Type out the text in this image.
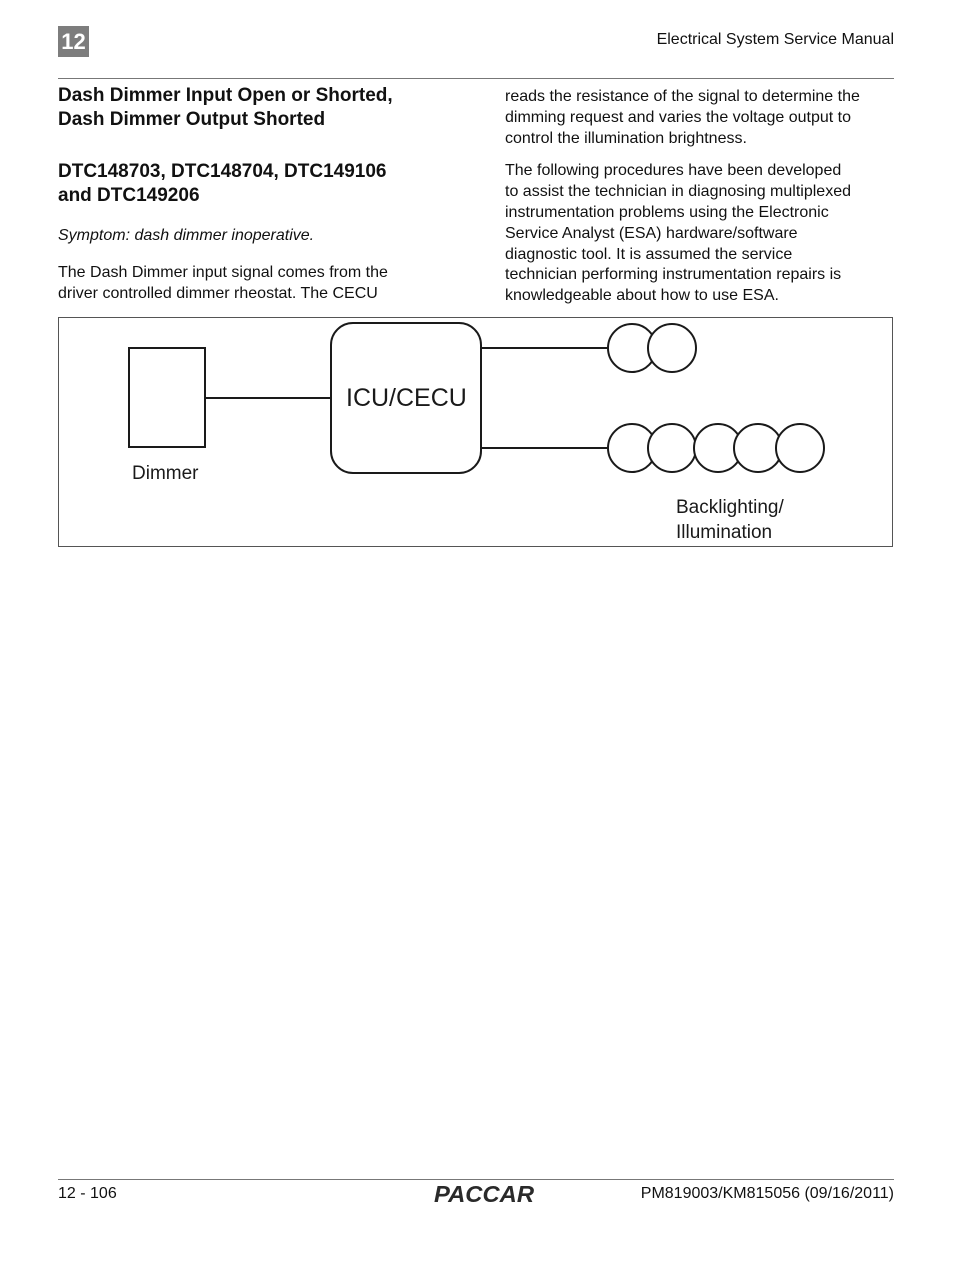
12	Electrical System Service Manual
Dash Dimmer Input Open or Shorted,
Dash Dimmer Output Shorted
DTC148703, DTC148704, DTC149106
and DTC149206

Symptom: dash dimmer inoperative.

The Dash Dimmer input signal comes from the
driver controlled dimmer rheostat. The CECU

reads the resistance of the signal to determine the
dimming request and varies the voltage output to
control the illumination brightness.

The following procedures have been developed
to assist the technician in diagnosing multiplexed
instrumentation problems using the Electronic
Service Analyst (ESA) hardware/software
diagnostic tool. It is assumed the service
technician performing instrumentation repairs is
knowledgeable about how to use ESA.

ICU/CECU
Dimmer
Backlighting/
Illumination
12 - 106	PACCAR	PM819003/KM815056 (09/16/2011)
